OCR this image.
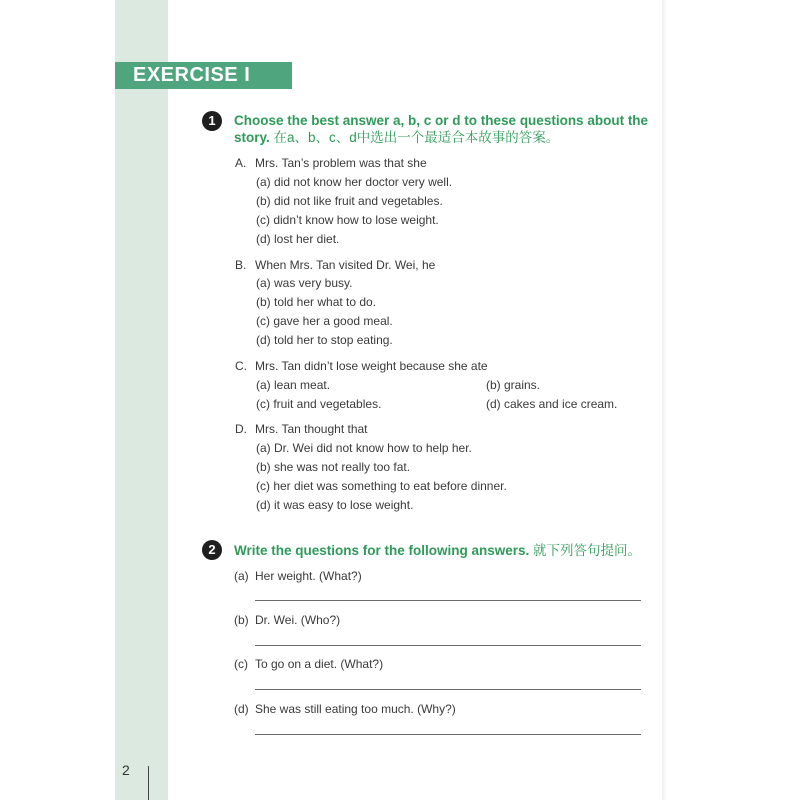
EXERCISE I
1	Choose the best answer a, b, c or d to these questions about the
story. 在a、b、c、d中选出一个最适合本故事的答案。
A. Mrs. Tan’s problem was that she
(a) did not know her doctor very well.
(b) did not like fruit and vegetables.
(c) didn’t know how to lose weight.
(d) lost her diet.
B. When Mrs. Tan visited Dr. Wei, he
(a) was very busy.
(b) told her what to do.
(c) gave her a good meal.
(d) told her to stop eating.
C. Mrs. Tan didn’t lose weight because she ate
(a) lean meat.	(b) grains.
(c) fruit and vegetables.	(d) cakes and ice cream.
D. Mrs. Tan thought that
(a) Dr. Wei did not know how to help her.
(b) she was not really too fat.
(c) her diet was something to eat before dinner.
(d) it was easy to lose weight.
2	Write the questions for the following answers. 就下列答句提问。
(a) Her weight. (What?)
(b) Dr. Wei. (Who?)
(c) To go on a diet. (What?)
(d) She was still eating too much. (Why?)
2
